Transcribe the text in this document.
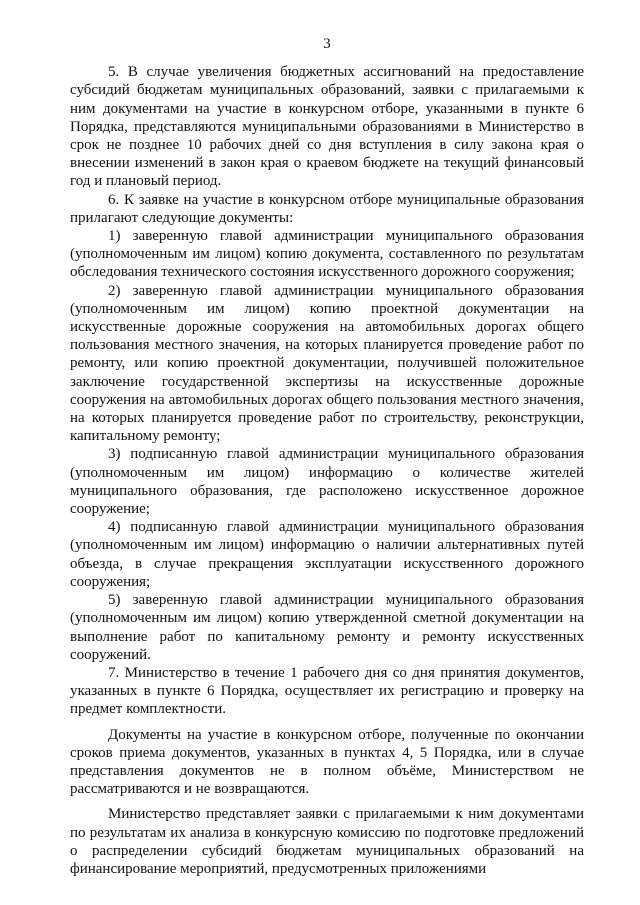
3

5. В случае увеличения бюджетных ассигнований на предоставление субсидий бюджетам муниципальных образований, заявки с прилагаемыми к ним документами на участие в конкурсном отборе, указанными в пункте 6 Порядка, представляются муниципальными образованиями в Министерство в срок не позднее 10 рабочих дней со дня вступления в силу закона края о внесении изменений в закон края о краевом бюджете на текущий финансовый год и плановый период.

6. К заявке на участие в конкурсном отборе муниципальные образования прилагают следующие документы:

1) заверенную главой администрации муниципального образования (уполномоченным им лицом) копию документа, составленного по результатам обследования технического состояния искусственного дорожного сооружения;

2) заверенную главой администрации муниципального образования (уполномоченным им лицом) копию проектной документации на искусственные дорожные сооружения на автомобильных дорогах общего пользования местного значения, на которых планируется проведение работ по ремонту, или копию проектной документации, получившей положительное заключение государственной экспертизы на искусственные дорожные сооружения на автомобильных дорогах общего пользования местного значения, на которых планируется проведение работ по строительству, реконструкции, капитальному ремонту;

3) подписанную главой администрации муниципального образования (уполномоченным им лицом) информацию о количестве жителей муниципального образования, где расположено искусственное дорожное сооружение;

4) подписанную главой администрации муниципального образования (уполномоченным им лицом) информацию о наличии альтернативных путей объезда, в случае прекращения эксплуатации искусственного дорожного сооружения;

5) заверенную главой администрации муниципального образования (уполномоченным им лицом) копию утвержденной сметной документации на выполнение работ по капитальному ремонту и ремонту искусственных сооружений.

7. Министерство в течение 1 рабочего дня со дня принятия документов, указанных в пункте 6 Порядка, осуществляет их регистрацию и проверку на предмет комплектности.

Документы на участие в конкурсном отборе, полученные по окончании сроков приема документов, указанных в пунктах 4, 5 Порядка, или в случае представления документов не в полном объёме, Министерством не рассматриваются и не возвращаются.

Министерство представляет заявки с прилагаемыми к ним документами по результатам их анализа в конкурсную комиссию по подготовке предложений о распределении субсидий бюджетам муниципальных образований на финансирование мероприятий, предусмотренных приложениями
